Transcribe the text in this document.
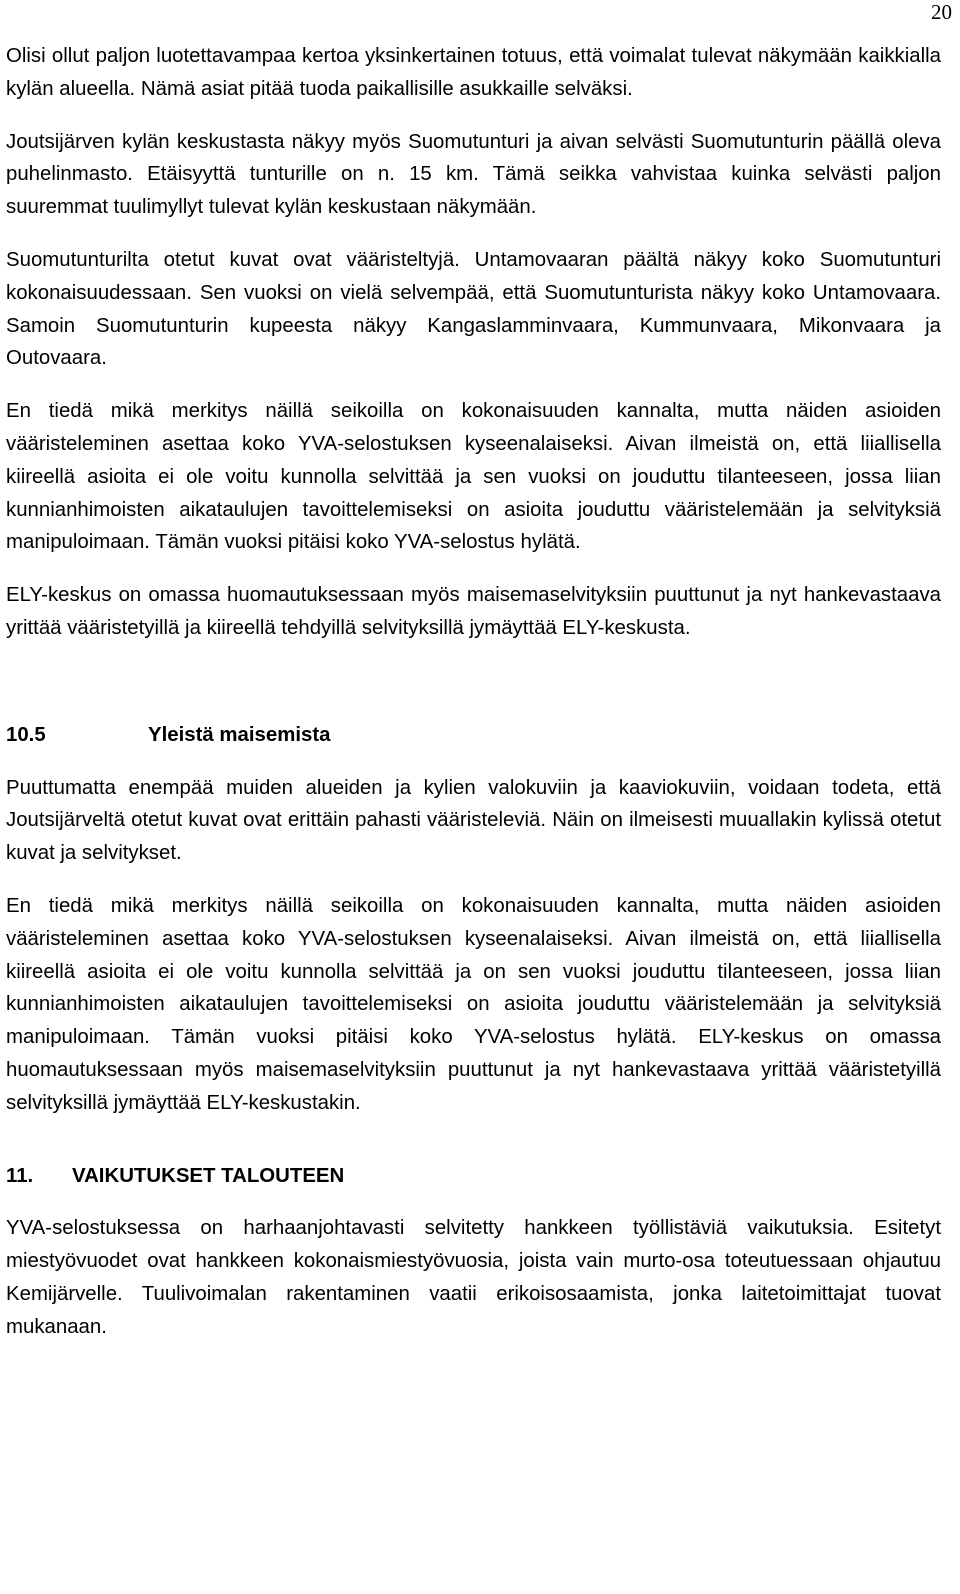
20

Olisi ollut paljon luotettavampaa kertoa yksinkertainen totuus, että voimalat tulevat näkymään kaikkialla kylän alueella. Nämä asiat pitää tuoda paikallisille asukkaille selväksi.

Joutsijärven kylän keskustasta näkyy myös Suomutunturi ja aivan selvästi Suomutunturin päällä oleva puhelinmasto. Etäisyyttä tunturille on n. 15 km. Tämä seikka vahvistaa kuinka selvästi paljon suuremmat tuulimyllyt tulevat kylän keskustaan näkymään.

Suomutunturilta otetut kuvat ovat vääristeltyjä. Untamovaaran päältä näkyy koko Suomutunturi kokonaisuudessaan. Sen vuoksi on vielä selvempää, että Suomutunturista näkyy koko Untamovaara. Samoin Suomutunturin kupeesta näkyy Kangaslamminvaara, Kummunvaara, Mikonvaara ja Outovaara.

En tiedä mikä merkitys näillä seikoilla on kokonaisuuden kannalta, mutta näiden asioiden vääristeleminen asettaa koko YVA-selostuksen kyseenalaiseksi. Aivan ilmeistä on, että liiallisella kiireellä asioita ei ole voitu kunnolla selvittää ja sen vuoksi on jouduttu tilanteeseen, jossa liian kunnianhimoisten aikataulujen tavoittelemiseksi on asioita jouduttu vääristelemään ja selvityksiä manipuloimaan. Tämän vuoksi pitäisi koko YVA-selostus hylätä.

ELY-keskus on omassa huomautuksessaan myös maisemaselvityksiin puuttunut ja nyt hankevastaava yrittää vääristetyillä ja kiireellä tehdyillä selvityksillä jymäyttää ELY-keskusta.

10.5	Yleistä maisemista

Puuttumatta enempää muiden alueiden ja kylien valokuviin ja kaaviokuviin, voidaan todeta, että Joutsijärveltä otetut kuvat ovat erittäin pahasti vääristeleviä. Näin on ilmeisesti muuallakin kylissä otetut kuvat ja selvitykset.

En tiedä mikä merkitys näillä seikoilla on kokonaisuuden kannalta, mutta näiden asioiden vääristeleminen asettaa koko YVA-selostuksen kyseenalaiseksi. Aivan ilmeistä on, että liiallisella kiireellä asioita ei ole voitu kunnolla selvittää ja on sen vuoksi jouduttu tilanteeseen, jossa liian kunnianhimoisten aikataulujen tavoittelemiseksi on asioita jouduttu vääristelemään ja selvityksiä manipuloimaan. Tämän vuoksi pitäisi koko YVA-selostus hylätä. ELY-keskus on omassa huomautuksessaan myös maisemaselvityksiin puuttunut ja nyt hankevastaava yrittää vääristetyillä selvityksillä jymäyttää ELY-keskustakin.

11.	VAIKUTUKSET TALOUTEEN

YVA-selostuksessa on harhaanjohtavasti selvitetty hankkeen työllistäviä vaikutuksia. Esitetyt miestyövuodet ovat hankkeen kokonaismiestyövuosia, joista vain murto-osa toteutuessaan ohjautuu Kemijärvelle. Tuulivoimalan rakentaminen vaatii erikoisosaamista, jonka laitetoimittajat tuovat mukanaan.
